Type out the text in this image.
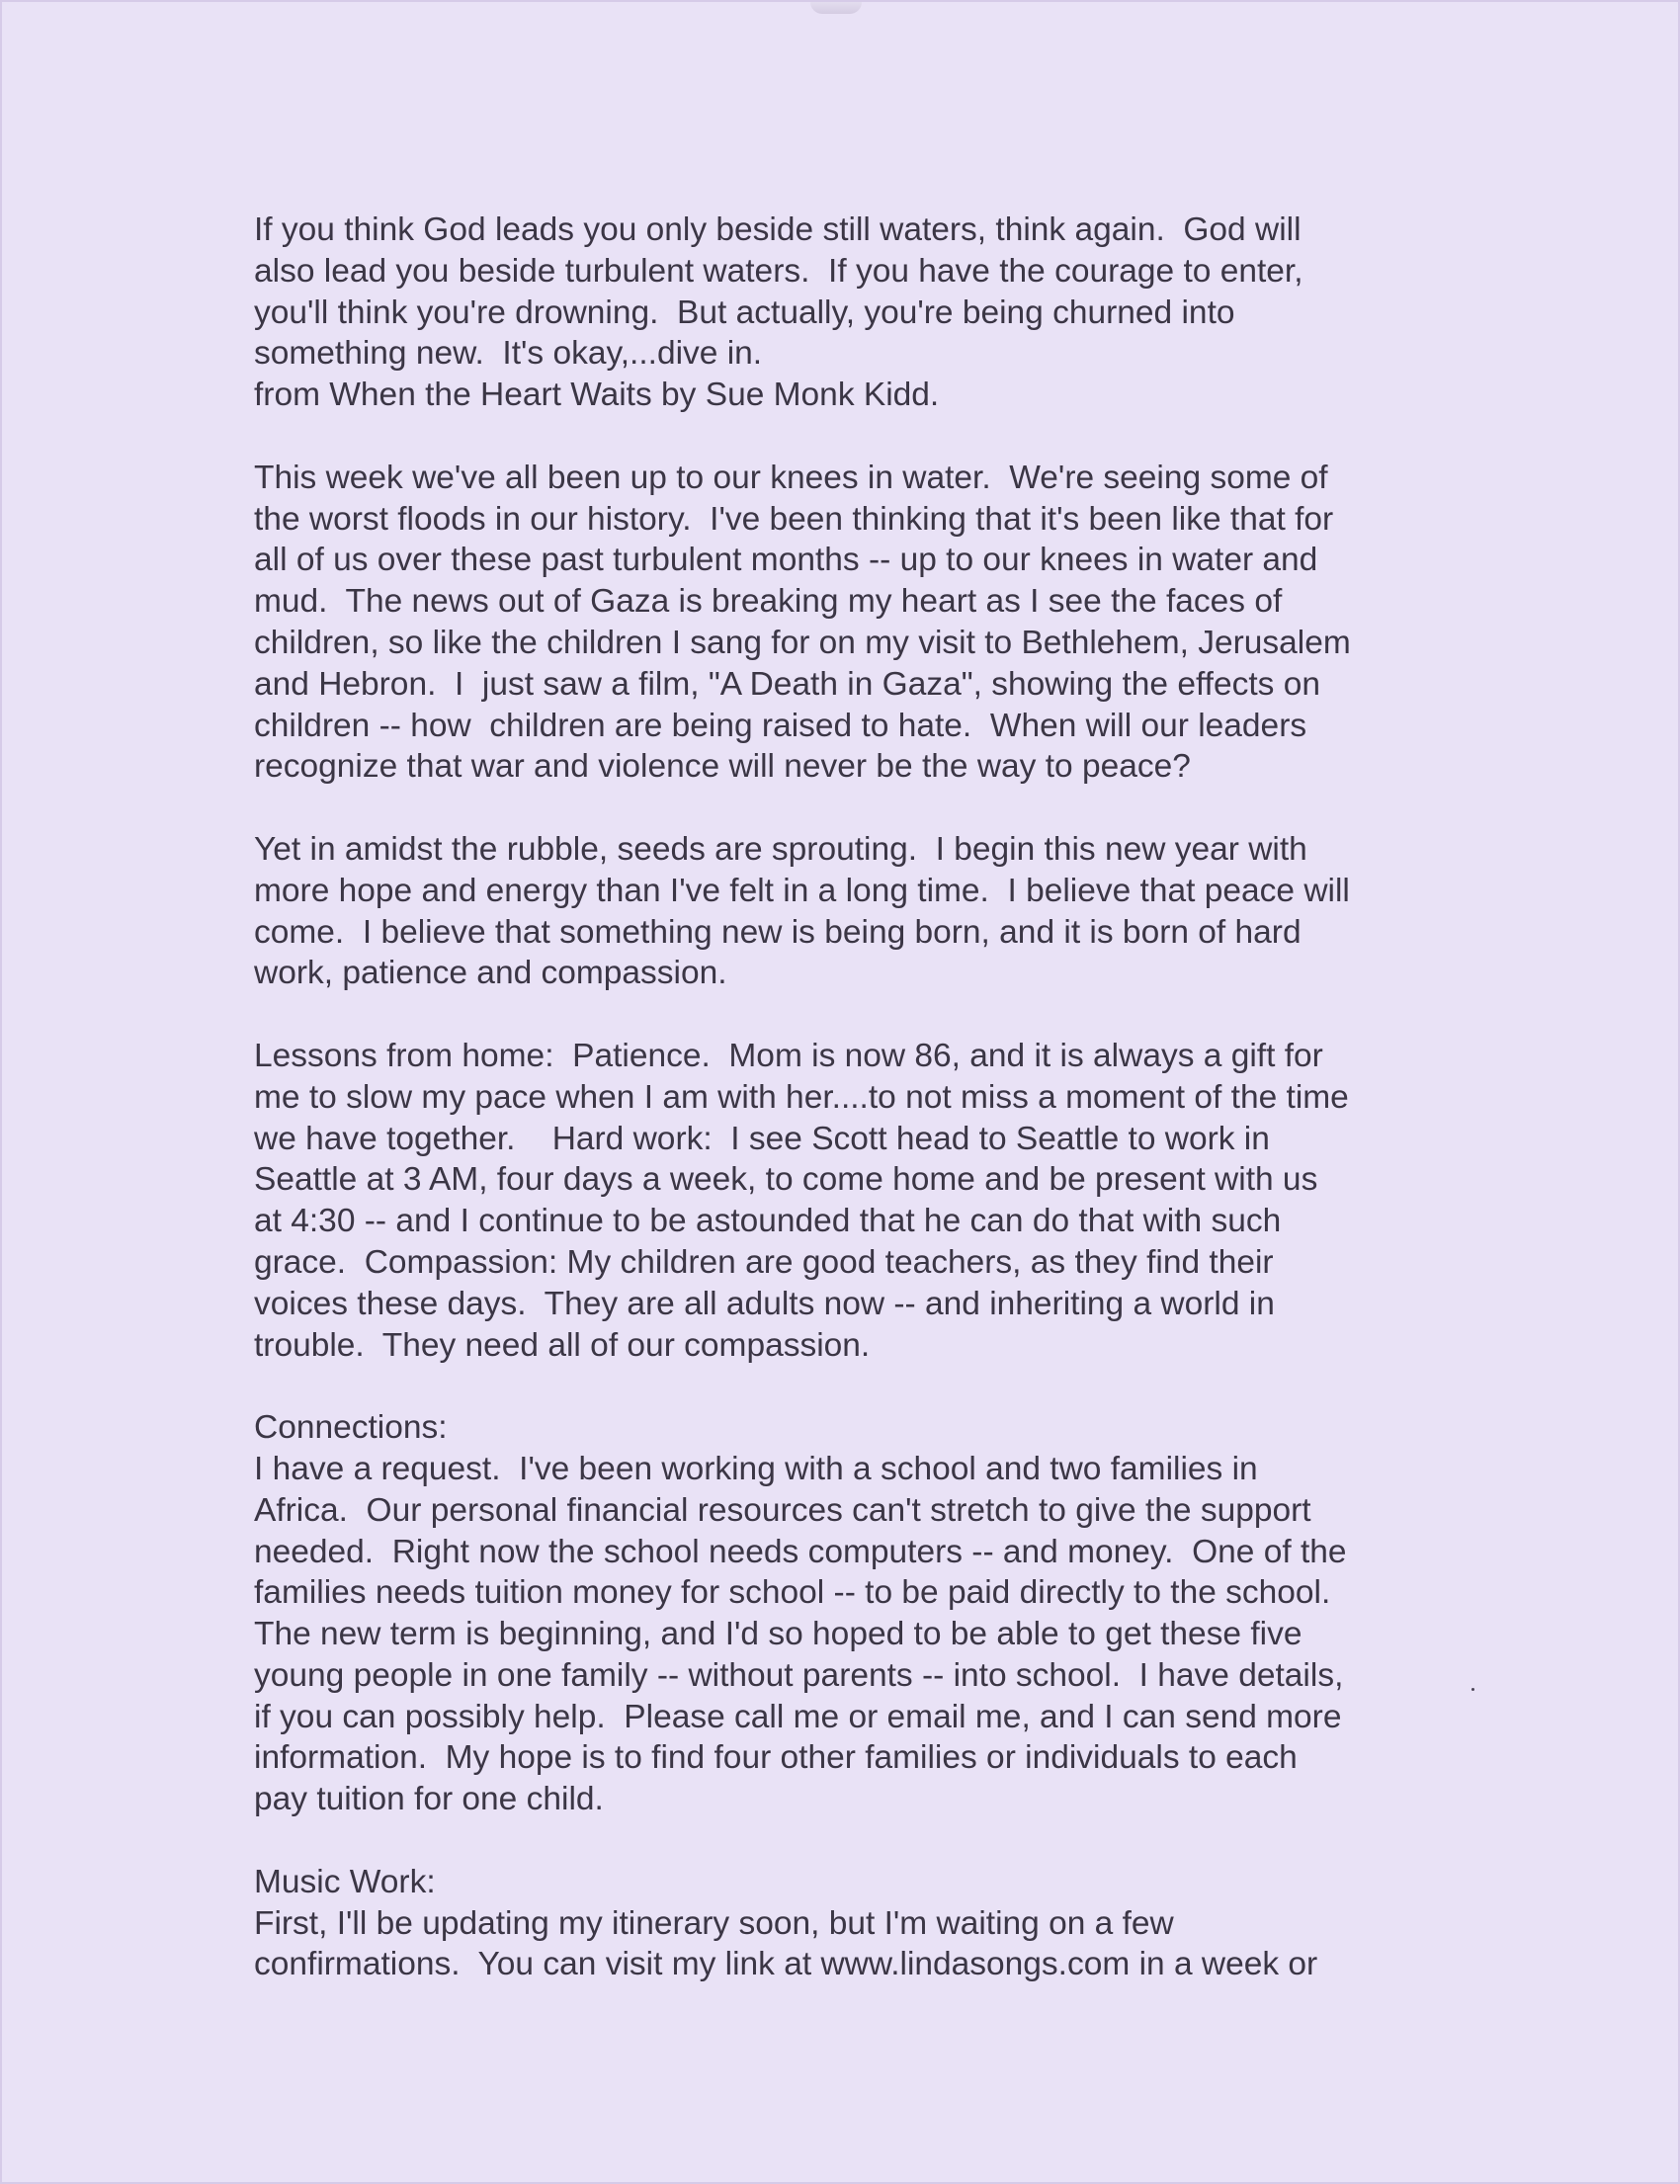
If you think God leads you only beside still waters, think again.  God will
also lead you beside turbulent waters.  If you have the courage to enter,
you'll think you're drowning.  But actually, you're being churned into
something new.  It's okay,...dive in.
from When the Heart Waits by Sue Monk Kidd.

This week we've all been up to our knees in water.  We're seeing some of
the worst floods in our history.  I've been thinking that it's been like that for
all of us over these past turbulent months -- up to our knees in water and
mud.  The news out of Gaza is breaking my heart as I see the faces of
children, so like the children I sang for on my visit to Bethlehem, Jerusalem
and Hebron.  I  just saw a film, "A Death in Gaza", showing the effects on
children -- how  children are being raised to hate.  When will our leaders
recognize that war and violence will never be the way to peace?

Yet in amidst the rubble, seeds are sprouting.  I begin this new year with
more hope and energy than I've felt in a long time.  I believe that peace will
come.  I believe that something new is being born, and it is born of hard
work, patience and compassion.

Lessons from home:  Patience.  Mom is now 86, and it is always a gift for
me to slow my pace when I am with her....to not miss a moment of the time
we have together.    Hard work:  I see Scott head to Seattle to work in
Seattle at 3 AM, four days a week, to come home and be present with us
at 4:30 -- and I continue to be astounded that he can do that with such
grace.  Compassion: My children are good teachers, as they find their
voices these days.  They are all adults now -- and inheriting a world in
trouble.  They need all of our compassion.

Connections:
I have a request.  I've been working with a school and two families in
Africa.  Our personal financial resources can't stretch to give the support
needed.  Right now the school needs computers -- and money.  One of the
families needs tuition money for school -- to be paid directly to the school.
The new term is beginning, and I'd so hoped to be able to get these five
young people in one family -- without parents -- into school.  I have details,
if you can possibly help.  Please call me or email me, and I can send more
information.  My hope is to find four other families or individuals to each
pay tuition for one child.

Music Work:
First, I'll be updating my itinerary soon, but I'm waiting on a few
confirmations.  You can visit my link at www.lindasongs.com in a week or
